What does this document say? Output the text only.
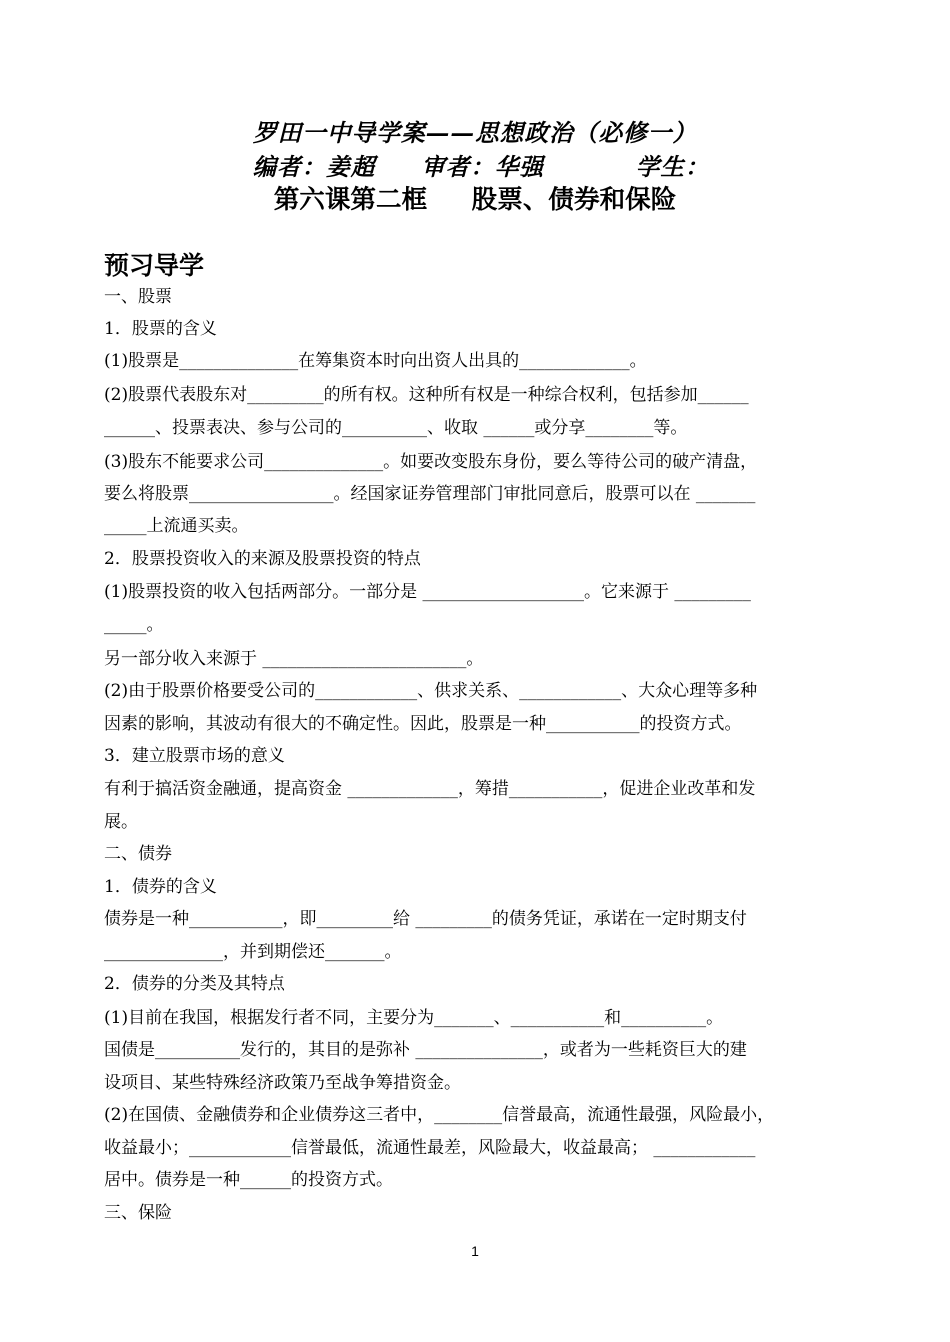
罗田一中导学案——思想政治（必修一）
编者：姜超     审者：华强          学生：
第六课第二框     股票、债券和保险
预习导学
一、股票
1．股票的含义
(1)股票是______________在筹集资本时向出资人出具的_____________。
(2)股票代表股东对_________的所有权。这种所有权是一种综合权利，包括参加______
______、投票表决、参与公司的__________、收取 ______或分享________等。
(3)股东不能要求公司______________。如要改变股东身份，要么等待公司的破产清盘，
要么将股票_________________。经国家证券管理部门审批同意后，股票可以在 _______
_____上流通买卖。
2．股票投资收入的来源及股票投资的特点
(1)股票投资的收入包括两部分。一部分是 ___________________。它来源于 _________
_____。
另一部分收入来源于 ________________________。
(2)由于股票价格要受公司的____________、供求关系、____________、大众心理等多种
因素的影响，其波动有很大的不确定性。因此，股票是一种___________的投资方式。
3．建立股票市场的意义
有利于搞活资金融通，提高资金 _____________，筹措___________，促进企业改革和发
展。
二、债券
1．债券的含义
债券是一种___________，即_________给 _________的债务凭证，承诺在一定时期支付
______________，并到期偿还_______。
2．债券的分类及其特点
(1)目前在我国，根据发行者不同，主要分为_______、___________和__________。
国债是__________发行的，其目的是弥补 _______________，或者为一些耗资巨大的建
设项目、某些特殊经济政策乃至战争筹措资金。
(2)在国债、金融债券和企业债券这三者中，________信誉最高，流通性最强，风险最小，
收益最小；____________信誉最低，流通性最差，风险最大，收益最高； ____________
居中。债券是一种______的投资方式。
三、保险
1
